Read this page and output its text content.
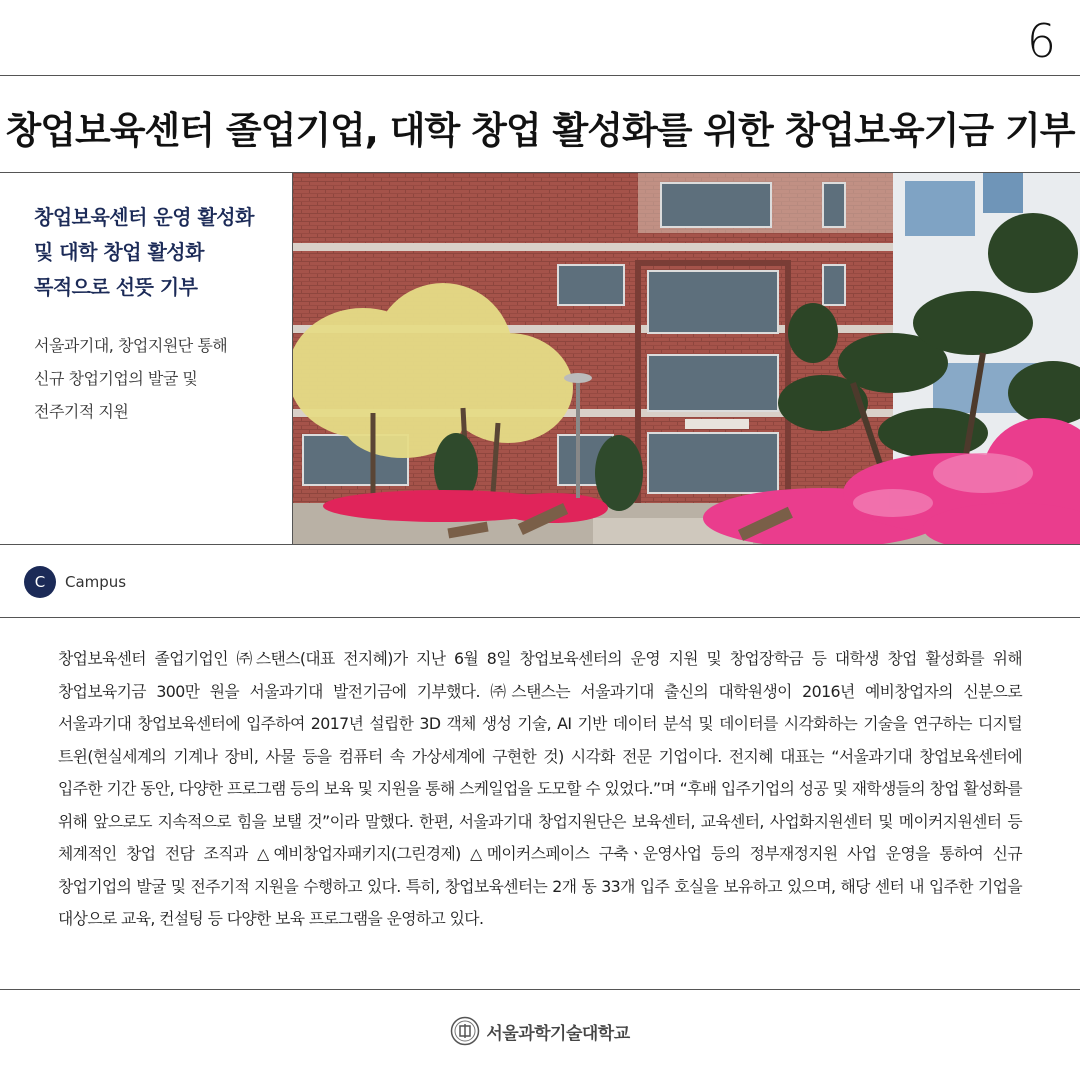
6
창업보육센터 졸업기업, 대학 창업 활성화를 위한 창업보육기금 기부
창업보육센터 운영 활성화
및 대학 창업 활성화
목적으로 선뜻 기부
서울과기대, 창업지원단 통해
신규 창업기업의 발굴 및
전주기적 지원
C	Campus
창업보육센터 졸업기업인 ㈜스탠스(대표 전지혜)가 지난 6월 8일 창업보육센터의 운영 지원 및 창업장학금 등 대학생 창업 활성화를 위해 창업보육기금 300만 원을 서울과기대 발전기금에 기부했다. ㈜스탠스는 서울과기대 출신의 대학원생이 2016년 예비창업자의 신분으로 서울과기대 창업보육센터에 입주하여 2017년 설립한 3D 객체 생성 기술, AI 기반 데이터 분석 및 데이터를 시각화하는 기술을 연구하는 디지털 트윈(현실세계의 기계나 장비, 사물 등을 컴퓨터 속 가상세계에 구현한 것) 시각화 전문 기업이다. 전지혜 대표는 “서울과기대 창업보육센터에 입주한 기간 동안, 다양한 프로그램 등의 보육 및 지원을 통해 스케일업을 도모할 수 있었다.”며 “후배 입주기업의 성공 및 재학생들의 창업 활성화를 위해 앞으로도 지속적으로 힘을 보탤 것”이라 말했다. 한편, 서울과기대 창업지원단은 보육센터, 교육센터, 사업화지원센터 및 메이커지원센터 등 체계적인 창업 전담 조직과 △예비창업자패키지(그린경제) △메이커스페이스 구축ㆍ운영사업 등의 정부재정지원 사업 운영을 통하여 신규 창업기업의 발굴 및 전주기적 지원을 수행하고 있다. 특히, 창업보육센터는 2개 동 33개 입주 호실을 보유하고 있으며, 해당 센터 내 입주한 기업을 대상으로 교육, 컨설팅 등 다양한 보육 프로그램을 운영하고 있다.
서울과학기술대학교
